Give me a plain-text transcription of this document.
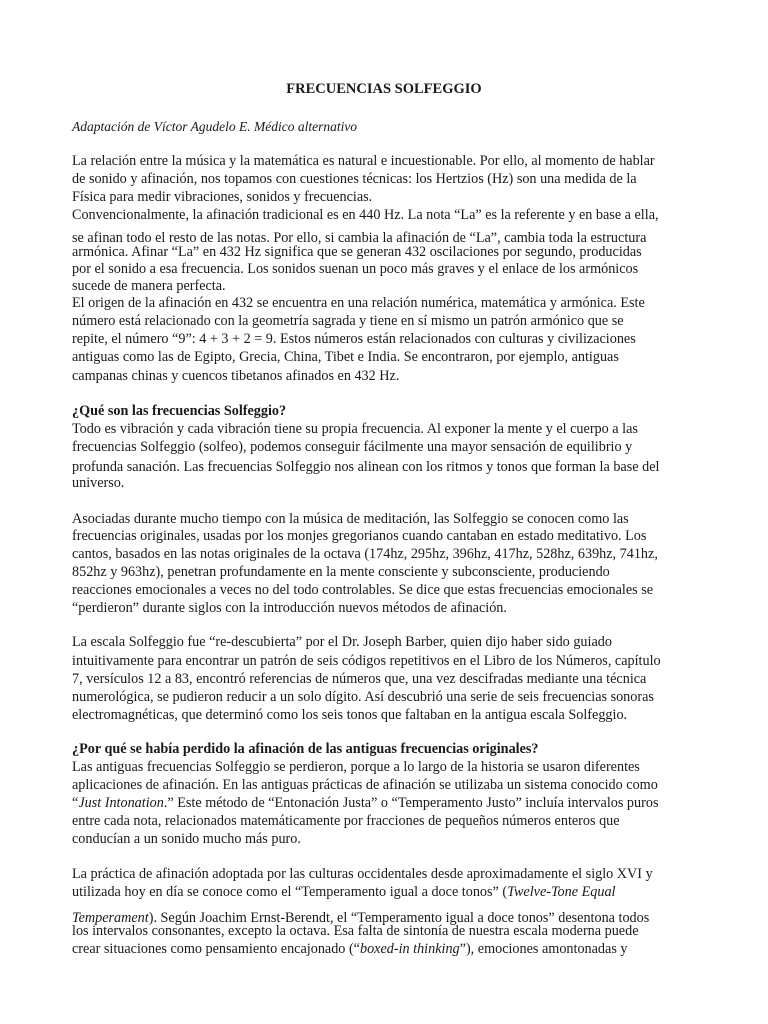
FRECUENCIAS SOLFEGGIO
Adaptación de Víctor Agudelo E. Médico alternativo
La relación entre la música y la matemática es natural e incuestionable. Por ello, al momento de hablar
de sonido y afinación, nos topamos con cuestiones técnicas: los Hertzios (Hz) son una medida de la
Física para medir vibraciones, sonidos y frecuencias.
Convencionalmente, la afinación tradicional es en 440 Hz. La nota “La” es la referente y en base a ella,
se afinan todo el resto de las notas. Por ello, si cambia la afinación de “La”, cambia toda la estructura
armónica. Afinar “La” en 432 Hz significa que se generan 432 oscilaciones por segundo, producidas
por el sonido a esa frecuencia. Los sonidos suenan un poco más graves y el enlace de los armónicos
sucede de manera perfecta.
El origen de la afinación en 432 se encuentra en una relación numérica, matemática y armónica. Este
número está relacionado con la geometría sagrada y tiene en sí mismo un patrón armónico que se
repite, el número “9”: 4 + 3 + 2 = 9. Estos números están relacionados con culturas y civilizaciones
antiguas como las de Egipto, Grecia, China, Tibet e India. Se encontraron, por ejemplo, antiguas
campanas chinas y cuencos tibetanos afinados en 432 Hz.
¿Qué son las frecuencias Solfeggio?
Todo es vibración y cada vibración tiene su propia frecuencia. Al exponer la mente y el cuerpo a las
frecuencias Solfeggio (solfeo), podemos conseguir fácilmente una mayor sensación de equilibrio y
profunda sanación. Las frecuencias Solfeggio nos alinean con los ritmos y tonos que forman la base del
universo.
Asociadas durante mucho tiempo con la música de meditación, las Solfeggio se conocen como las
frecuencias originales, usadas por los monjes gregorianos cuando cantaban en estado meditativo. Los
cantos, basados en las notas originales de la octava (174hz, 295hz, 396hz, 417hz, 528hz, 639hz, 741hz,
852hz y 963hz), penetran profundamente en la mente consciente y subconsciente, produciendo
reacciones emocionales a veces no del todo controlables. Se dice que estas frecuencias emocionales se
“perdieron” durante siglos con la introducción nuevos métodos de afinación.
La escala Solfeggio fue “re-descubierta” por el Dr. Joseph Barber, quien dijo haber sido guiado
intuitivamente para encontrar un patrón de seis códigos repetitivos en el Libro de los Números, capítulo
7, versículos 12 a 83, encontró referencias de números que, una vez descifradas mediante una técnica
numerológica, se pudieron reducir a un solo dígito. Así descubrió una serie de seis frecuencias sonoras
electromagnéticas, que determinó como los seis tonos que faltaban en la antigua escala Solfeggio.
¿Por qué se había perdido la afinación de las antiguas frecuencias originales?
Las antiguas frecuencias Solfeggio se perdieron, porque a lo largo de la historia se usaron diferentes
aplicaciones de afinación. En las antiguas prácticas de afinación se utilizaba un sistema conocido como
“Just Intonation.” Este método de “Entonación Justa” o “Temperamento Justo” incluía intervalos puros
entre cada nota, relacionados matemáticamente por fracciones de pequeños números enteros que
conducían a un sonido mucho más puro.
La práctica de afinación adoptada por las culturas occidentales desde aproximadamente el siglo XVI y
utilizada hoy en día se conoce como el “Temperamento igual a doce tonos” (Twelve-Tone Equal
Temperament). Según Joachim Ernst-Berendt, el “Temperamento igual a doce tonos” desentona todos
los intervalos consonantes, excepto la octava. Esa falta de sintonía de nuestra escala moderna puede
crear situaciones como pensamiento encajonado (“boxed-in thinking”), emociones amontonadas y
